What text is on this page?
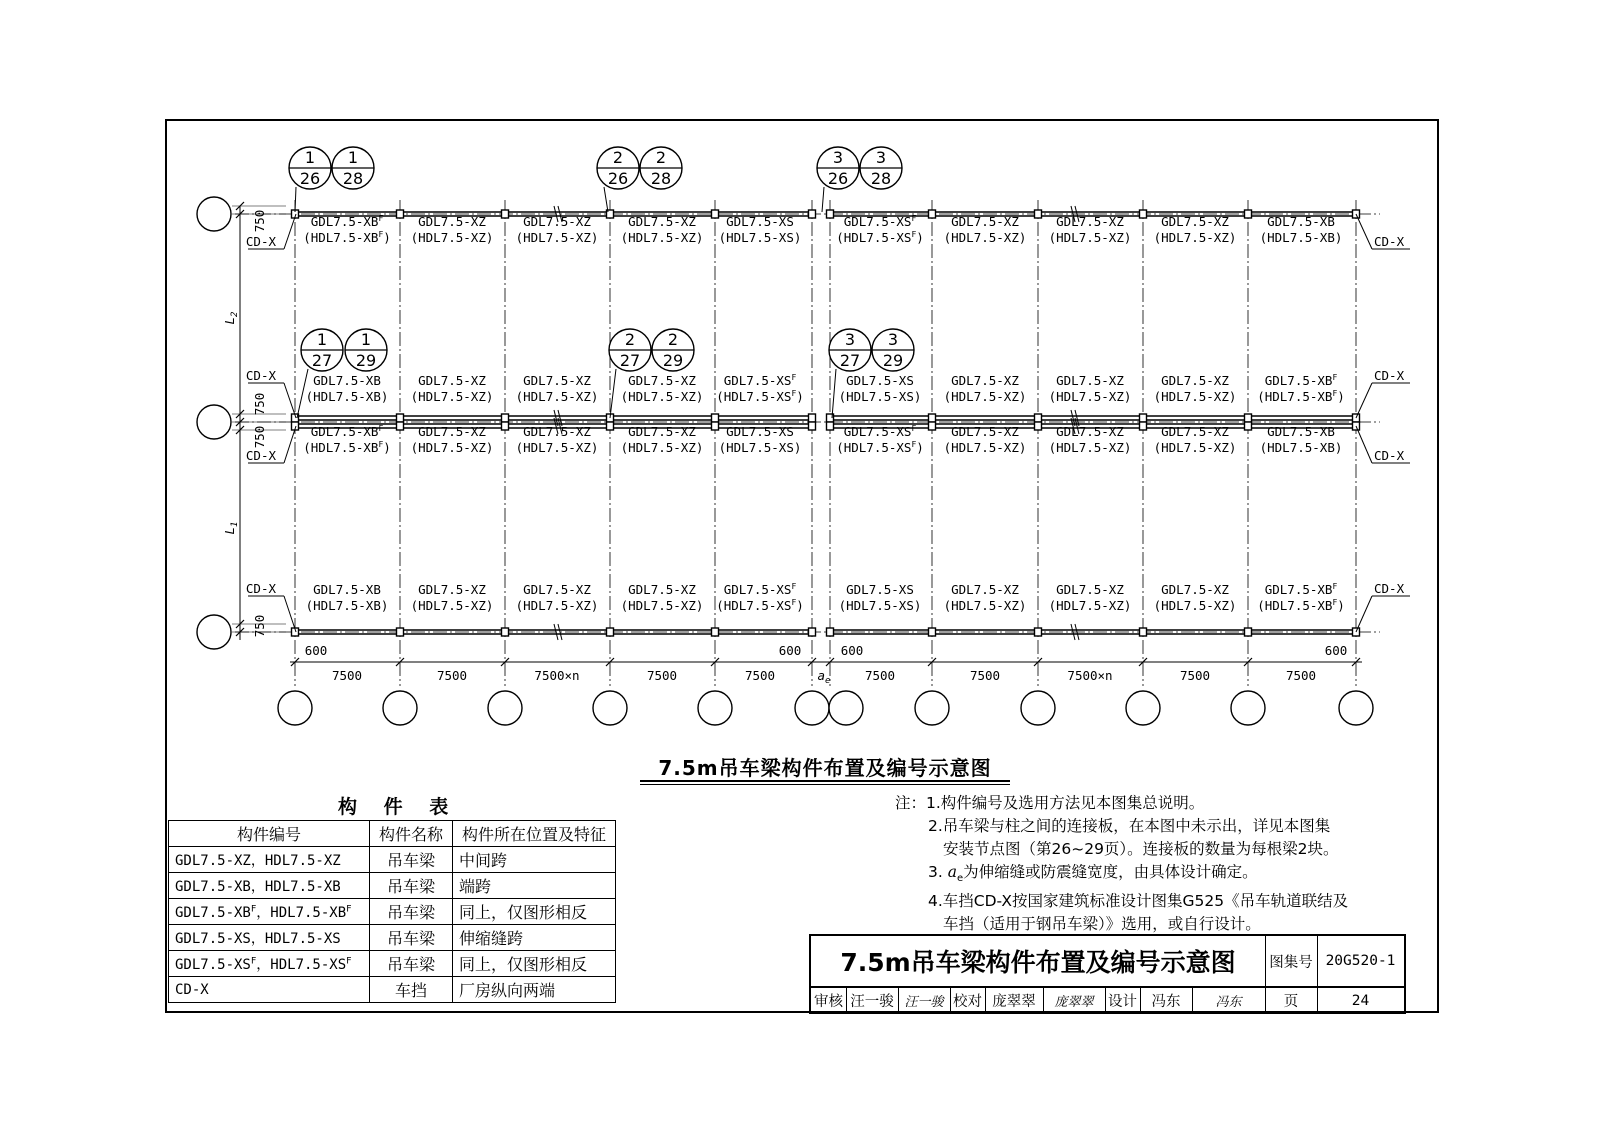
$GDL7.5-XB^F$
$(HDL7.5-XB^F)$
GDL7.5-XZ
(HDL7.5-XZ)
GDL7.5-XZ
(HDL7.5-XZ)
GDL7.5-XZ
(HDL7.5-XZ)
GDL7.5-XS
(HDL7.5-XS)
$GDL7.5-XS^F$
$(HDL7.5-XS^F)$
GDL7.5-XZ
(HDL7.5-XZ)
GDL7.5-XZ
(HDL7.5-XZ)
GDL7.5-XZ
(HDL7.5-XZ)
GDL7.5-XB
(HDL7.5-XB)
GDL7.5-XB
(HDL7.5-XB)
GDL7.5-XZ
(HDL7.5-XZ)
GDL7.5-XZ
(HDL7.5-XZ)
GDL7.5-XZ
(HDL7.5-XZ)
$GDL7.5-XS^F$
$(HDL7.5-XS^F)$
GDL7.5-XS
(HDL7.5-XS)
GDL7.5-XZ
(HDL7.5-XZ)
GDL7.5-XZ
(HDL7.5-XZ)
GDL7.5-XZ
(HDL7.5-XZ)
$GDL7.5-XB^F$
$(HDL7.5-XB^F)$
$GDL7.5-XB^F$
$(HDL7.5-XB^F)$
GDL7.5-XZ
(HDL7.5-XZ)
GDL7.5-XZ
(HDL7.5-XZ)
GDL7.5-XZ
(HDL7.5-XZ)
GDL7.5-XS
(HDL7.5-XS)
$GDL7.5-XS^F$
$(HDL7.5-XS^F)$
GDL7.5-XZ
(HDL7.5-XZ)
GDL7.5-XZ
(HDL7.5-XZ)
GDL7.5-XZ
(HDL7.5-XZ)
GDL7.5-XB
(HDL7.5-XB)
GDL7.5-XB
(HDL7.5-XB)
GDL7.5-XZ
(HDL7.5-XZ)
GDL7.5-XZ
(HDL7.5-XZ)
GDL7.5-XZ
(HDL7.5-XZ)
$GDL7.5-XS^F$
$(HDL7.5-XS^F)$
GDL7.5-XS
(HDL7.5-XS)
GDL7.5-XZ
(HDL7.5-XZ)
GDL7.5-XZ
(HDL7.5-XZ)
GDL7.5-XZ
(HDL7.5-XZ)
$GDL7.5-XB^F$
$(HDL7.5-XB^F)$
1
26
1
28
2
26
2
28
3
26
3
28
1
27
1
29
2
27
2
29
3
27
3
29
750
750
750
750
$L_2$
$L_1$
7500	7500	7500×n	7500	7500	7500	7500	7500×n	7500	7500
$a_e$
600	600	600	600
CD-X
CD-X
CD-X
CD-X
CD-X
CD-X
CD-X
CD-X
7.5m吊车梁构件布置及编号示意图
构 件 表
构件编号	构件名称	构件所在位置及特征
GDL7.5-XZ，HDL7.5-XZ	吊车梁	中间跨
GDL7.5-XB，HDL7.5-XB	吊车梁	端跨
$GDL7.5-XB^F$，$HDL7.5-XB^F$	吊车梁	同上，仅图形相反
GDL7.5-XS，HDL7.5-XS	吊车梁	伸缩缝跨
$GDL7.5-XS^F$，$HDL7.5-XS^F$	吊车梁	同上，仅图形相反
CD-X	车挡	厂房纵向两端
注：1.构件编号及选用方法见本图集总说明。
2.吊车梁与柱之间的连接板，在本图中未示出，详见本图集
安装节点图（第26~29页）。连接板的数量为每根梁2块。
3. $a_e$为伸缩缝或防震缝宽度，由具体设计确定。
4.车挡CD-X按国家建筑标准设计图集G525《吊车轨道联结及
车挡（适用于钢吊车梁）》选用，或自行设计。
7.5m吊车梁构件布置及编号示意图	图集号 20G520-1
审核 汪一骏 汪一骏 校对 庞翠翠	庞翠翠	设计	冯东	冯东	页	24
